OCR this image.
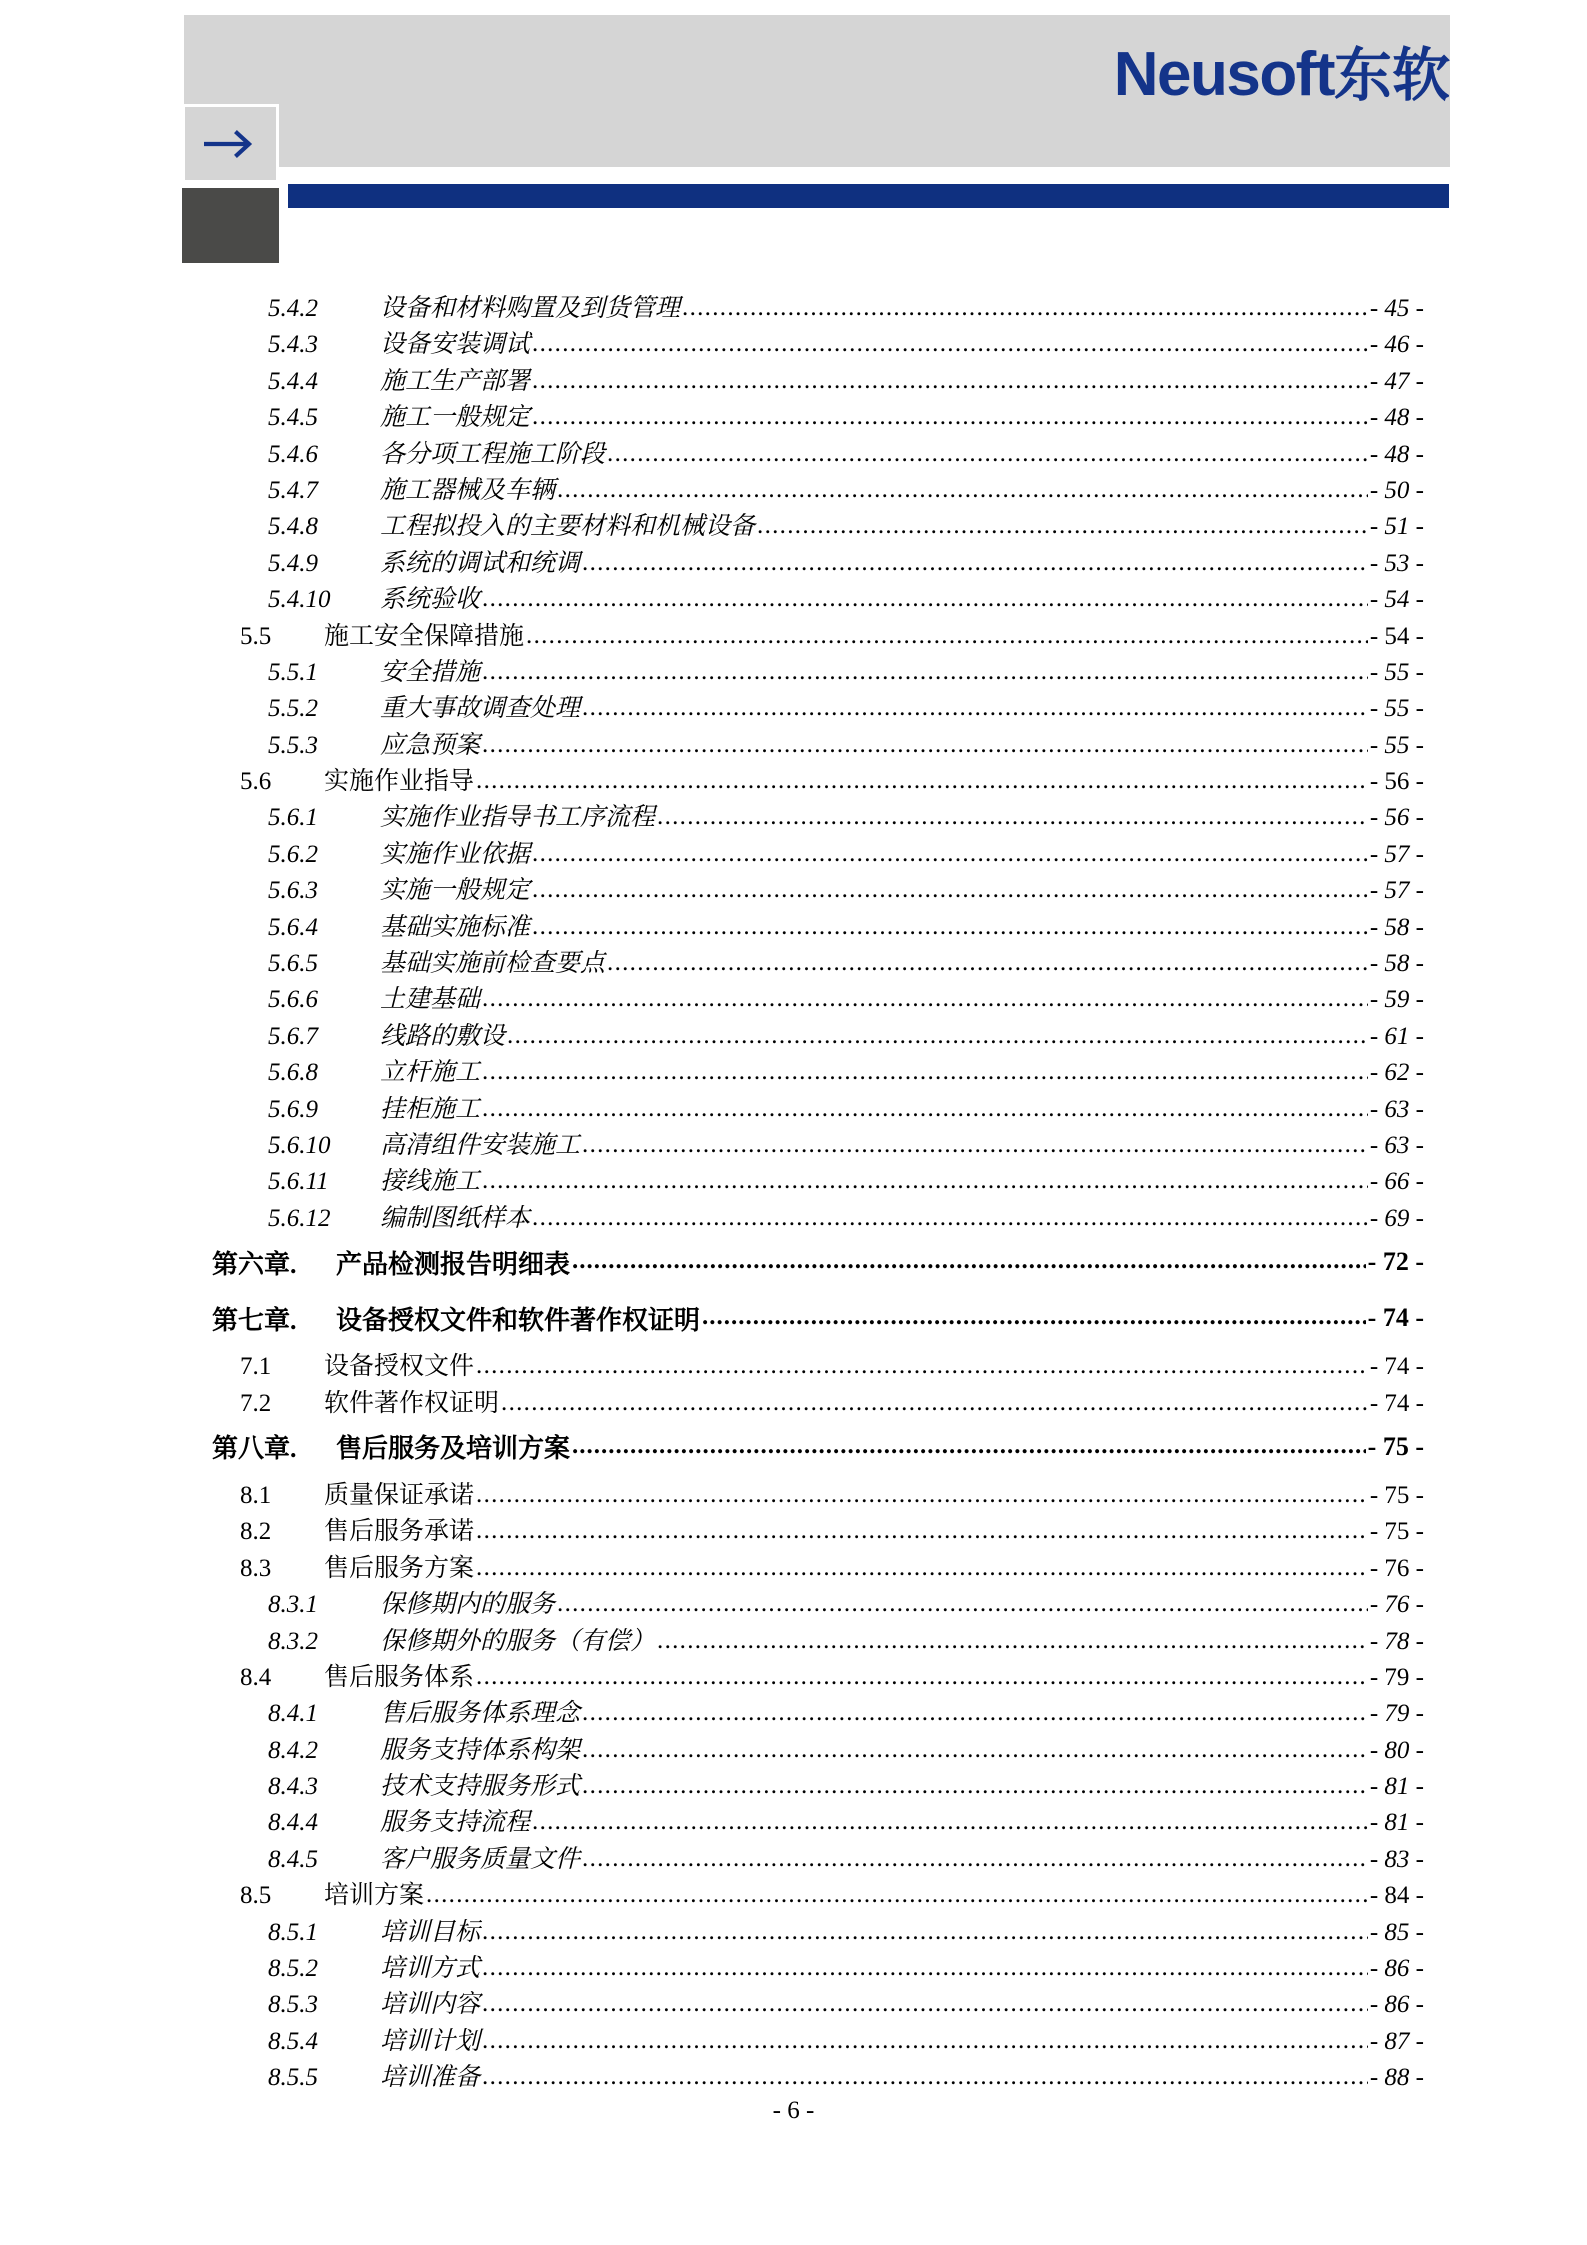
Neusoft东软
5.4.2	设备和材料购置及到货管理 .....	- 45 -
5.4.3	设备安装调试 .....	- 46 -
5.4.4	施工生产部署 .....	- 47 -
5.4.5	施工一般规定 .....	- 48 -
5.4.6	各分项工程施工阶段 .....	- 48 -
5.4.7	施工器械及车辆 .....	- 50 -
5.4.8	工程拟投入的主要材料和机械设备 .....	- 51 -
5.4.9	系统的调试和统调 .....	- 53 -
5.4.10	系统验收 .....	- 54 -
5.5	施工安全保障措施 .....	- 54 -
5.5.1	安全措施 .....	- 55 -
5.5.2	重大事故调查处理 .....	- 55 -
5.5.3	应急预案 .....	- 55 -
5.6	实施作业指导 .....	- 56 -
5.6.1	实施作业指导书工序流程 .....	- 56 -
5.6.2	实施作业依据 .....	- 57 -
5.6.3	实施一般规定 .....	- 57 -
5.6.4	基础实施标准 .....	- 58 -
5.6.5	基础实施前检查要点 .....	- 58 -
5.6.6	土建基础 .....	- 59 -
5.6.7	线路的敷设 .....	- 61 -
5.6.8	立杆施工 .....	- 62 -
5.6.9	挂柜施工 .....	- 63 -
5.6.10	高清组件安装施工 .....	- 63 -
5.6.11	接线施工 .....	- 66 -
5.6.12	编制图纸样本 .....	- 69 -
第六章.	产品检测报告明细表 .....	- 72 -
第七章.	设备授权文件和软件著作权证明 .....	- 74 -
7.1	设备授权文件 .....	- 74 -
7.2	软件著作权证明 .....	- 74 -
第八章.	售后服务及培训方案 .....	- 75 -
8.1	质量保证承诺 .....	- 75 -
8.2	售后服务承诺 .....	- 75 -
8.3	售后服务方案 .....	- 76 -
8.3.1	保修期内的服务 .....	- 76 -
8.3.2	保修期外的服务（有偿） .....	- 78 -
8.4	售后服务体系 .....	- 79 -
8.4.1	售后服务体系理念 .....	- 79 -
8.4.2	服务支持体系构架 .....	- 80 -
8.4.3	技术支持服务形式 .....	- 81 -
8.4.4	服务支持流程 .....	- 81 -
8.4.5	客户服务质量文件 .....	- 83 -
8.5	培训方案 .....	- 84 -
8.5.1	培训目标 .....	- 85 -
8.5.2	培训方式 .....	- 86 -
8.5.3	培训内容 .....	- 86 -
8.5.4	培训计划 .....	- 87 -
8.5.5	培训准备 .....	- 88 -
- 6 -
